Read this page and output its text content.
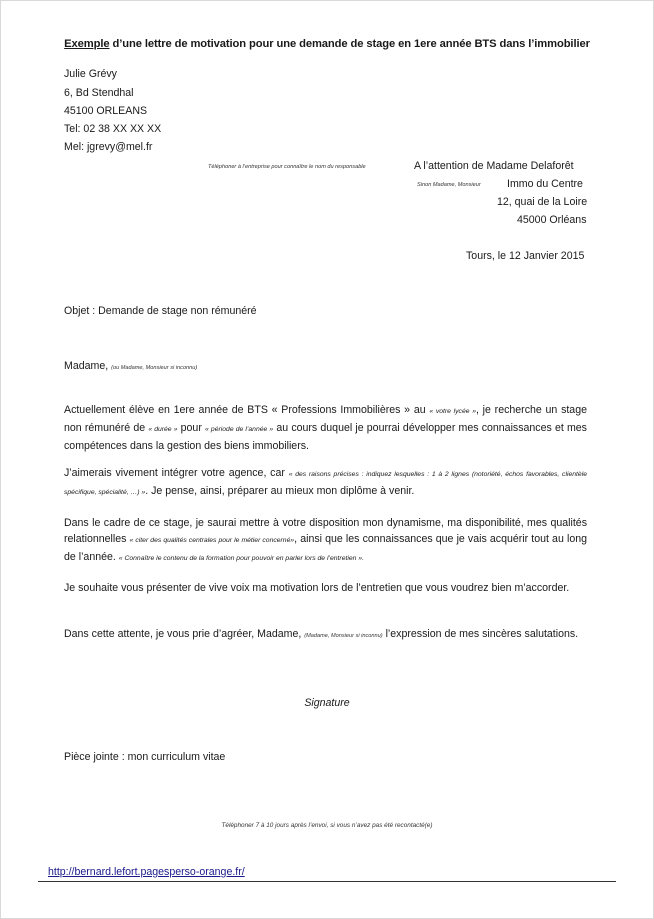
Exemple d’une lettre de motivation pour une demande de stage en 1ere année BTS dans l’immobilier
Julie Grévy
6, Bd Stendhal
45100 ORLEANS
Tel: 02 38 XX XX XX
Mel: jgrevy@mel.fr
Téléphoner à l’entreprise pour connaître le nom du responsable	A l’attention de Madame Delaforêt
Sinon Madame, Monsieur Immo du Centre
12, quai de la Loire
45000 Orléans
Tours, le 12 Janvier 2015
Objet : Demande de stage non rémunéré
Madame, (ou Madame, Monsieur si inconnu)
Actuellement élève en 1ere année de BTS « Professions Immobilières » au « votre lycée », je recherche un stage non rémunéré de « durée » pour « période de l’année » au cours duquel je pourrai développer mes connaissances et mes compétences dans la gestion des biens immobiliers.
J’aimerais vivement intégrer votre agence, car « des raisons précises : indiquez lesquelles : 1 à 2 lignes (notoriété, échos favorables, clientèle spécifique, spécialité, …) ». Je pense, ainsi, préparer au mieux mon diplôme à venir.
Dans le cadre de ce stage, je saurai mettre à votre disposition mon dynamisme, ma disponibilité, mes qualités relationnelles « citer des qualités centrales pour le métier concerné», ainsi que les connaissances que je vais acquérir tout au long de l’année. « Connaître le contenu de la formation pour pouvoir en parler lors de l’entretien ».
Je souhaite vous présenter de vive voix ma motivation lors de l’entretien que vous voudrez bien m’accorder.
Dans cette attente, je vous prie d’agréer, Madame, (Madame, Monsieur si inconnu) l’expression de mes sincères salutations.
Signature
Pièce jointe : mon curriculum vitae
Téléphoner 7 à 10 jours après l’envoi, si vous n’avez pas été recontacté(e)
http://bernard.lefort.pagesperso-orange.fr/
